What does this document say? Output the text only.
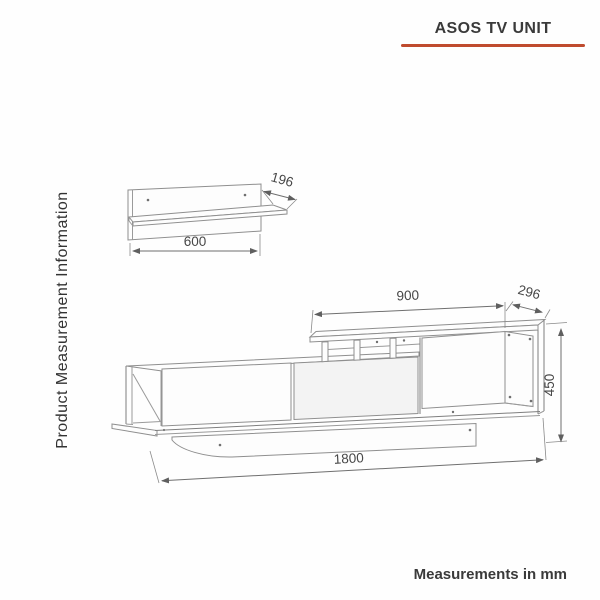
ASOS TV UNIT
Product Measurement Information
Measurements in mm
600
196
900	296
450
1800
